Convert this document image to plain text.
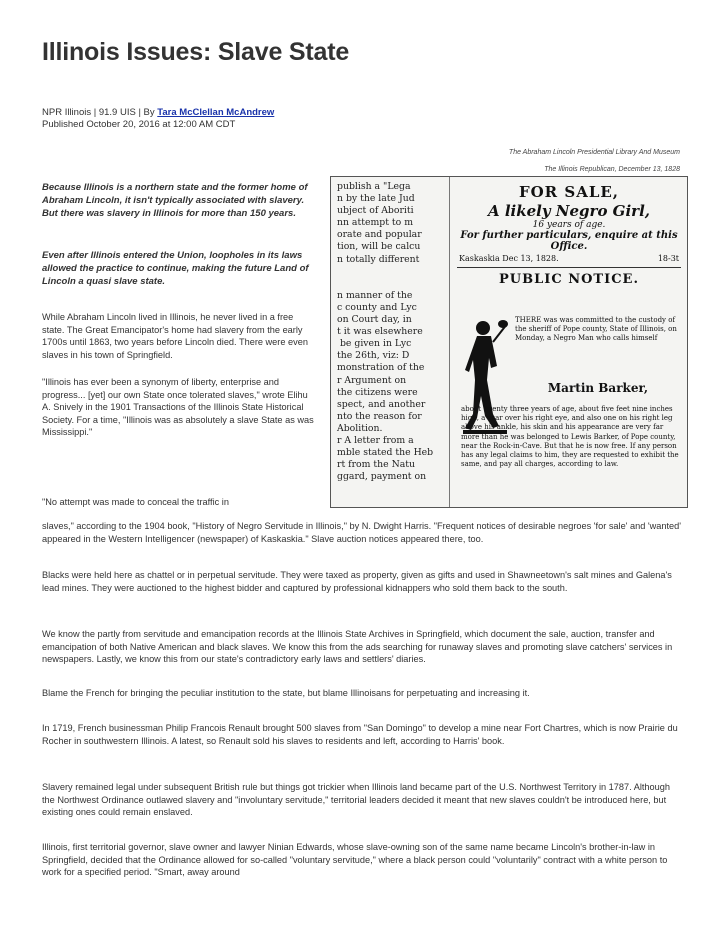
Illinois Issues: Slave State
NPR Illinois | 91.9 UIS | By Tara McClellan McAndrew
Published October 20, 2016 at 12:00 AM CDT
The Abraham Lincoln Presidential Library And Museum
The Illinois Republican, December 13, 1828

Because Illinois is a northern state and the former home of Abraham Lincoln, it isn't typically associated with slavery. But there was slavery in Illinois for more than 150 years.

Even after Illinois entered the Union, loopholes in its laws allowed the practice to continue, making the future Land of Lincoln a quasi slave state.

While Abraham Lincoln lived in Illinois, he never lived in a free state. The Great Emancipator's home had slavery from the early 1700s until 1863, two years before Lincoln died. There were even slaves in his town of Springfield.

"Illinois has ever been a synonym of liberty, enterprise and progress... [yet] our own State once tolerated slaves," wrote Elihu A. Snively in the 1901 Transactions of the Illinois State Historical Society. For a time, "Illinois was as absolutely a slave State as was Mississippi."

"No attempt was made to conceal the traffic in

publish a "Lega
n by the late Jud
ubject of Aboriti
nn attempt to m
orate and popular
tion, will be calcu
n totally different

n manner of the
c county and Lyc
on Court day, in
t it was elsewhere
be given in Lyc
the 26th, viz: D
monstration of the
r Argument on
the citizens were
spect, and another
nto the reason for
Abolition.
r A letter from a
mble stated the Heb
rt from the Natu
ggard, payment on
FOR SALE,
A likely Negro Girl,
16 years of age.
For further particulars, enquire at this Office.
Kaskaskia Dec 13, 1828.	18-3t
PUBLIC NOTICE.
THERE was was committed to the custody of the sheriff of Pope county, State of Illinois, on Monday, a Negro Man who calls himself
Martin Barker,
about twenty three years of age, about five feet nine inches high, a scar over his right eye, and also one on his right leg above his ankle, his skin and his appearance are very far more than he was belonged to Lewis Barker, of Pope county, near the Rock-in-Cave. But that he is now free. If any person has any legal claims to him, they are requested to exhibit the same, and pay all charges, according to law.

slaves," according to the 1904 book, "History of Negro Servitude in Illinois," by N. Dwight Harris. "Frequent notices of desirable negroes 'for sale' and 'wanted' appeared in the Western Intelligencer (newspaper) of Kaskaskia." Slave auction notices appeared there, too.

Blacks were held here as chattel or in perpetual servitude. They were taxed as property, given as gifts and used in Shawneetown's salt mines and Galena's lead mines. They were auctioned to the highest bidder and captured by professional kidnappers who sold them back to the south.

We know the partly from servitude and emancipation records at the Illinois State Archives in Springfield, which document the sale, auction, transfer and emancipation of both Native American and black slaves. We know this from the ads searching for runaway slaves and promoting slave catchers' services in newspapers. Lastly, we know this from our state's contradictory early laws and settlers' diaries.

Blame the French for bringing the peculiar institution to the state, but blame Illinoisans for perpetuating and increasing it.

In 1719, French businessman Philip Francois Renault brought 500 slaves from "San Domingo" to develop a mine near Fort Chartres, which is now Prairie du Rocher in southwestern Illinois. A latest, so Renault sold his slaves to residents and left, according to Harris' book.

Slavery remained legal under subsequent British rule but things got trickier when Illinois land became part of the U.S. Northwest Territory in 1787. Although the Northwest Ordinance outlawed slavery and "involuntary servitude," territorial leaders decided it meant that new slaves couldn't be introduced here, but existing ones could remain enslaved.

Illinois, first territorial governor, slave owner and lawyer Ninian Edwards, whose slave-owning son of the same name became Lincoln's brother-in-law in Springfield, decided that the Ordinance allowed for so-called "voluntary servitude," where a black person could "voluntarily" contract with a white person to work for a specified period. "Smart, away around
